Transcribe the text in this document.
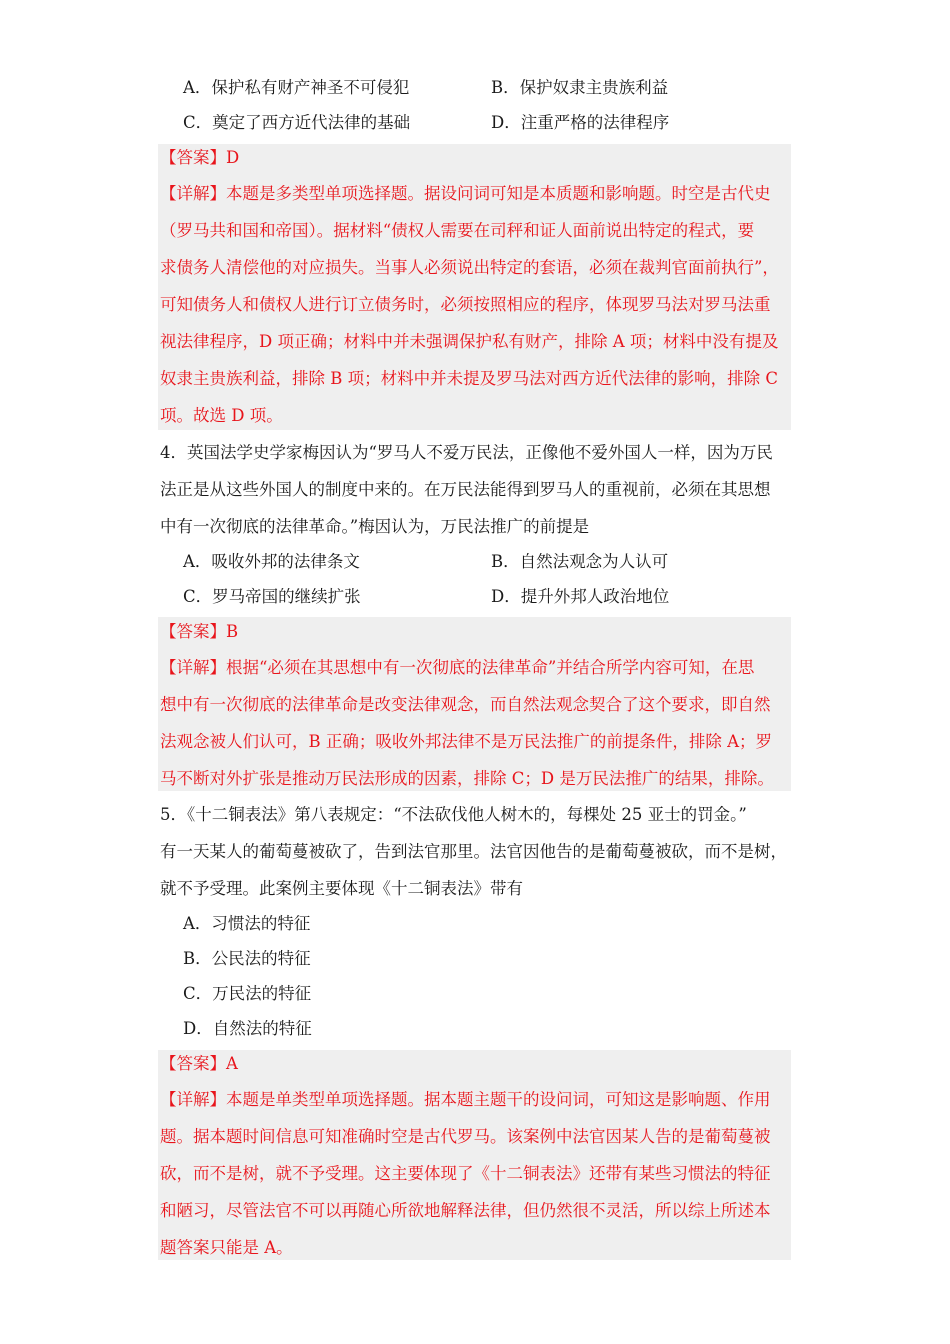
A．保护私有财产神圣不可侵犯	B．保护奴隶主贵族利益
C．奠定了西方近代法律的基础	D．注重严格的法律程序
【答案】D
【详解】本题是多类型单项选择题。据设问词可知是本质题和影响题。时空是古代史
（罗马共和国和帝国）。据材料“债权人需要在司秤和证人面前说出特定的程式，要
求债务人清偿他的对应损失。当事人必须说出特定的套语，必须在裁判官面前执行”，
可知债务人和债权人进行订立债务时，必须按照相应的程序，体现罗马法对罗马法重
视法律程序，D 项正确；材料中并未强调保护私有财产，排除 A 项；材料中没有提及
奴隶主贵族利益，排除 B 项；材料中并未提及罗马法对西方近代法律的影响，排除 C
项。故选 D 项。
4．英国法学史学家梅因认为“罗马人不爱万民法，正像他不爱外国人一样，因为万民
法正是从这些外国人的制度中来的。在万民法能得到罗马人的重视前，必须在其思想
中有一次彻底的法律革命。”梅因认为，万民法推广的前提是
A．吸收外邦的法律条文	B．自然法观念为人认可
C．罗马帝国的继续扩张	D．提升外邦人政治地位
【答案】B
【详解】根据“必须在其思想中有一次彻底的法律革命”并结合所学内容可知，在思
想中有一次彻底的法律革命是改变法律观念，而自然法观念契合了这个要求，即自然
法观念被人们认可，B 正确；吸收外邦法律不是万民法推广的前提条件，排除 A；罗
马不断对外扩张是推动万民法形成的因素，排除 C；D 是万民法推广的结果，排除。
5．《十二铜表法》第八表规定：“不法砍伐他人树木的，每棵处 25 亚士的罚金。”
有一天某人的葡萄蔓被砍了，告到法官那里。法官因他告的是葡萄蔓被砍，而不是树，
就不予受理。此案例主要体现《十二铜表法》带有
A．习惯法的特征
B．公民法的特征
C．万民法的特征
D．自然法的特征
【答案】A
【详解】本题是单类型单项选择题。据本题主题干的设问词，可知这是影响题、作用
题。据本题时间信息可知准确时空是古代罗马。该案例中法官因某人告的是葡萄蔓被
砍，而不是树，就不予受理。这主要体现了《十二铜表法》还带有某些习惯法的特征
和陋习，尽管法官不可以再随心所欲地解释法律，但仍然很不灵活，所以综上所述本
题答案只能是 A。
